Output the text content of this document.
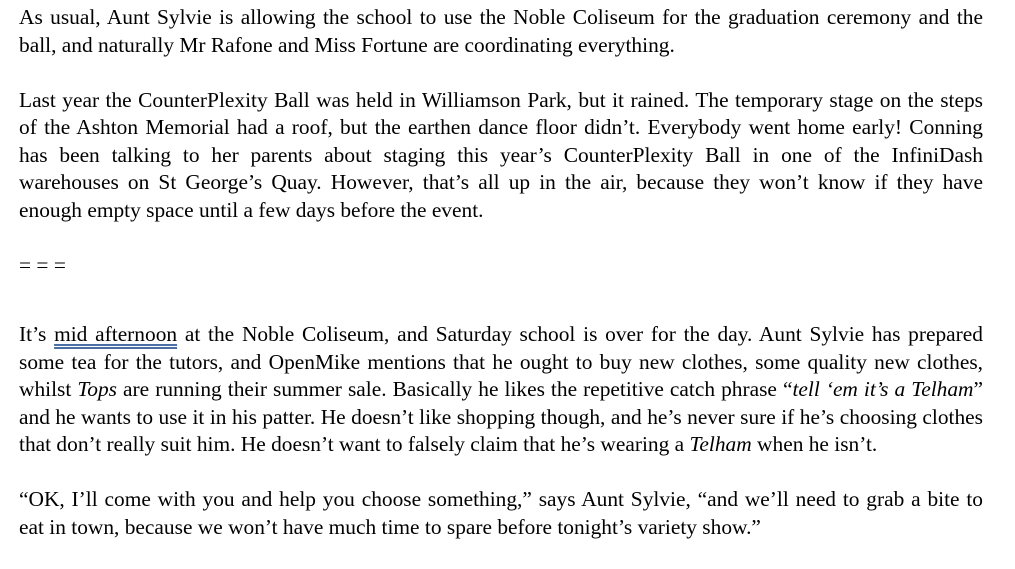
As usual, Aunt Sylvie is allowing the school to use the Noble Coliseum for the graduation ceremony and the ball, and naturally Mr Rafone and Miss Fortune are coordinating everything.

Last year the CounterPlexity Ball was held in Williamson Park, but it rained. The temporary stage on the steps of the Ashton Memorial had a roof, but the earthen dance floor didn’t. Everybody went home early! Conning has been talking to her parents about staging this year’s CounterPlexity Ball in one of the InfiniDash warehouses on St George’s Quay. However, that’s all up in the air, because they won’t know if they have enough empty space until a few days before the event.

= = =

It’s mid afternoon at the Noble Coliseum, and Saturday school is over for the day. Aunt Sylvie has prepared some tea for the tutors, and OpenMike mentions that he ought to buy new clothes, some quality new clothes, whilst Tops are running their summer sale. Basically he likes the repetitive catch phrase “tell ‘em it’s a Telham” and he wants to use it in his patter. He doesn’t like shopping though, and he’s never sure if he’s choosing clothes that don’t really suit him. He doesn’t want to falsely claim that he’s wearing a Telham when he isn’t.

“OK, I’ll come with you and help you choose something,” says Aunt Sylvie, “and we’ll need to grab a bite to eat in town, because we won’t have much time to spare before tonight’s variety show.”
